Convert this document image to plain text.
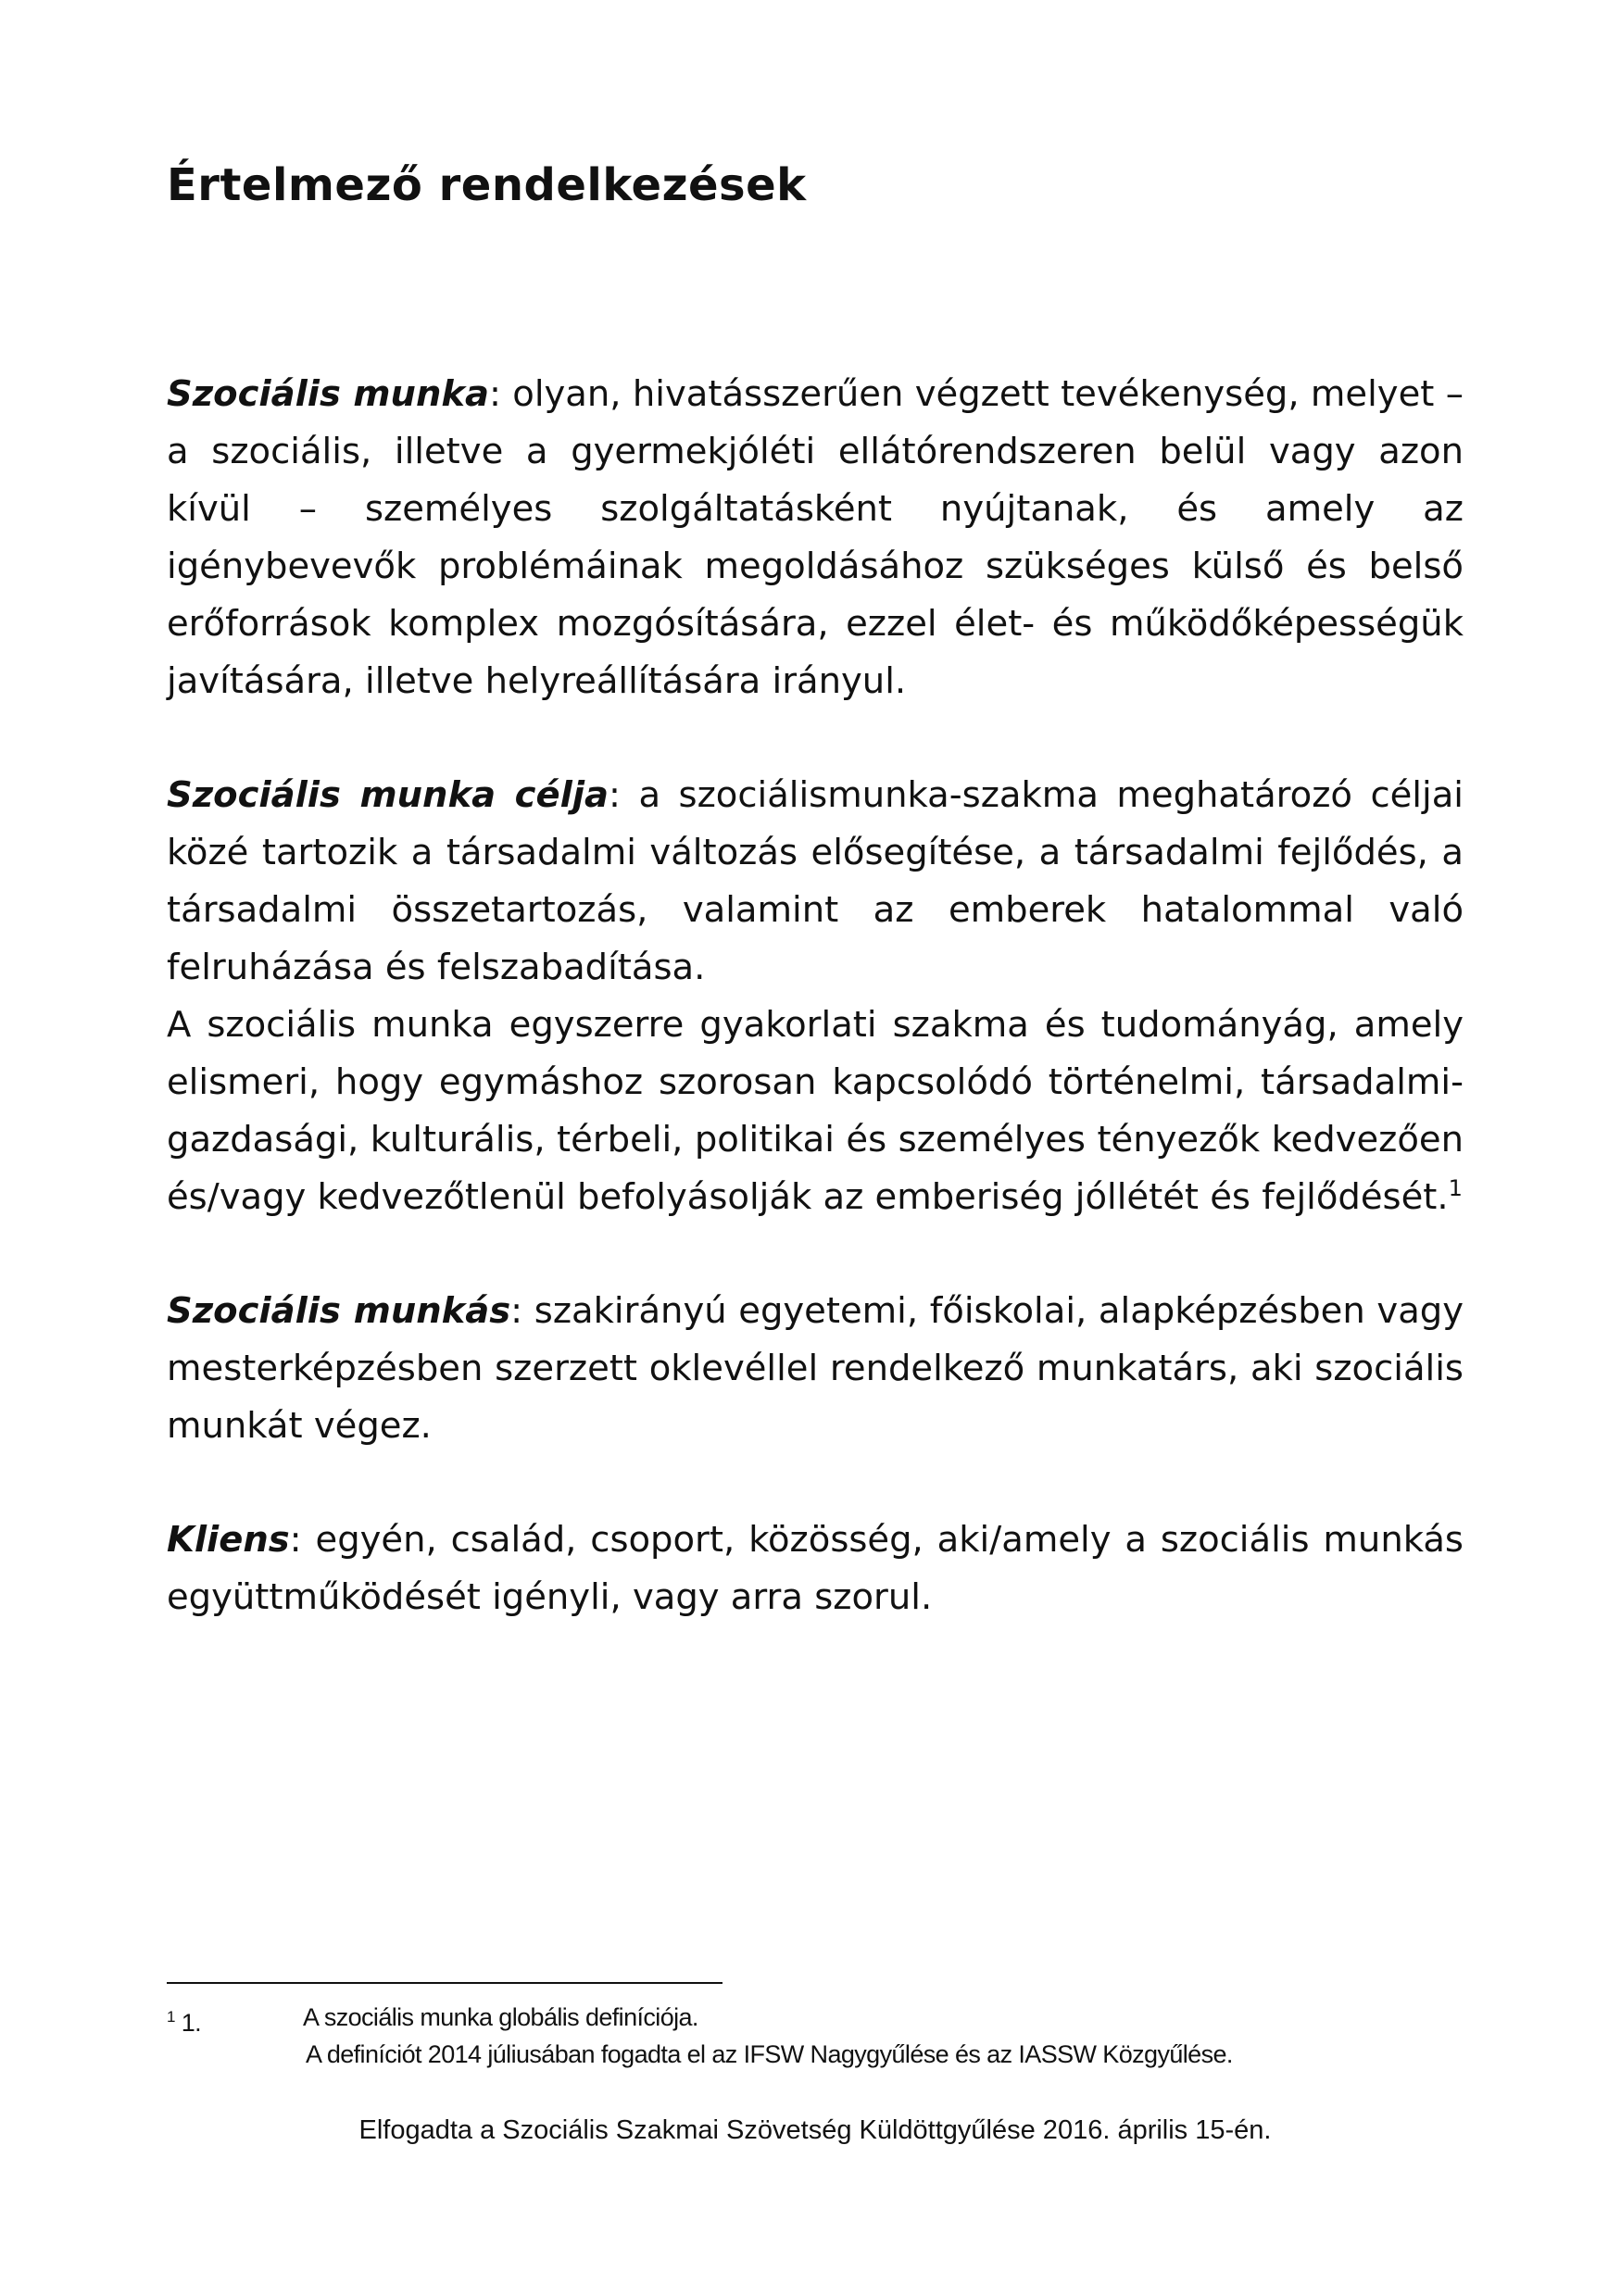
Értelmező rendelkezések

Szociális munka: olyan, hivatásszerűen végzett tevékenység, melyet – a szociális, illetve a gyermekjóléti ellátórendszeren belül vagy azon kívül – személyes szolgáltatásként nyújtanak, és amely az igénybevevők problémáinak megoldásához szükséges külső és belső erőforrások komplex mozgósítására, ezzel élet- és működőképességük javítására, illetve helyreállítására irányul.

Szociális munka célja: a szociálismunka-szakma meghatározó céljai közé tartozik a társadalmi változás elősegítése, a társadalmi fejlődés, a társadalmi összetartozás, valamint az emberek hatalommal való felruházása és felszabadítása.

A szociális munka egyszerre gyakorlati szakma és tudományág, amely elismeri, hogy egymáshoz szorosan kapcsolódó történelmi, társadalmi-gazdasági, kulturális, térbeli, politikai és személyes tényezők kedvezően és/vagy kedvezőtlenül befolyásolják az emberiség jóllétét és fejlődését.$^1$

Szociális munkás: szakirányú egyetemi, főiskolai, alapképzésben vagy mesterképzésben szerzett oklevéllel rendelkező munkatárs, aki szociális munkát végez.

Kliens: egyén, család, csoport, közösség, aki/amely a szociális munkás együttműködését igényli, vagy arra szorul.

$^1$ 1.	A szociális munka globális definíciója.
A definíciót 2014 júliusában fogadta el az IFSW Nagygyűlése és az IASSW Közgyűlése.
Elfogadta a Szociális Szakmai Szövetség Küldöttgyűlése 2016. április 15-én.
